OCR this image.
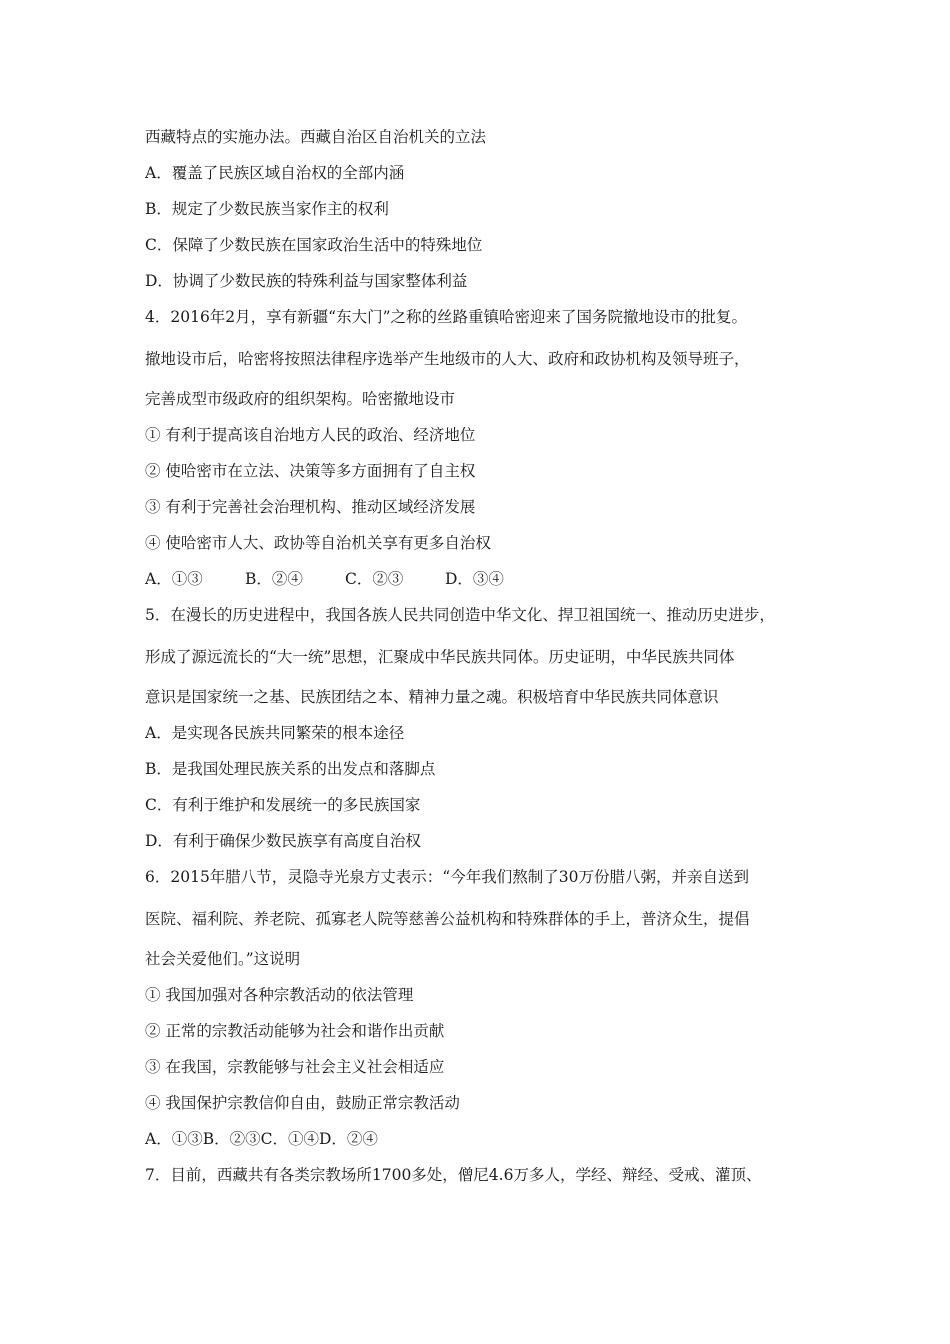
西藏特点的实施办法。西藏自治区自治机关的立法
A．覆盖了民族区域自治权的全部内涵
B．规定了少数民族当家作主的权利
C．保障了少数民族在国家政治生活中的特殊地位
D．协调了少数民族的特殊利益与国家整体利益
4．2016年2月，享有新疆“东大门”之称的丝路重镇哈密迎来了国务院撤地设市的批复。
撤地设市后，哈密将按照法律程序选举产生地级市的人大、政府和政协机构及领导班子，
完善成型市级政府的组织架构。哈密撤地设市
① 有利于提高该自治地方人民的政治、经济地位
② 使哈密市在立法、决策等多方面拥有了自主权
③ 有利于完善社会治理机构、推动区域经济发展
④ 使哈密市人大、政协等自治机关享有更多自治权
A．①③	B．②④	C．②③	D．③④
5．在漫长的历史进程中，我国各族人民共同创造中华文化、捍卫祖国统一、推动历史进步，
形成了源远流长的“大一统”思想，汇聚成中华民族共同体。历史证明，中华民族共同体
意识是国家统一之基、民族团结之本、精神力量之魂。积极培育中华民族共同体意识
A．是实现各民族共同繁荣的根本途径
B．是我国处理民族关系的出发点和落脚点
C．有利于维护和发展统一的多民族国家
D．有利于确保少数民族享有高度自治权
6．2015年腊八节，灵隐寺光泉方丈表示：“今年我们熬制了30万份腊八粥，并亲自送到
医院、福利院、养老院、孤寡老人院等慈善公益机构和特殊群体的手上，普济众生，提倡
社会关爱他们。”这说明
① 我国加强对各种宗教活动的依法管理
② 正常的宗教活动能够为社会和谐作出贡献
③ 在我国，宗教能够与社会主义社会相适应
④ 我国保护宗教信仰自由，鼓励正常宗教活动
A．①③B．②③C．①④D．②④
7．目前，西藏共有各类宗教场所1700多处，僧尼4.6万多人，学经、辩经、受戒、灌顶、
